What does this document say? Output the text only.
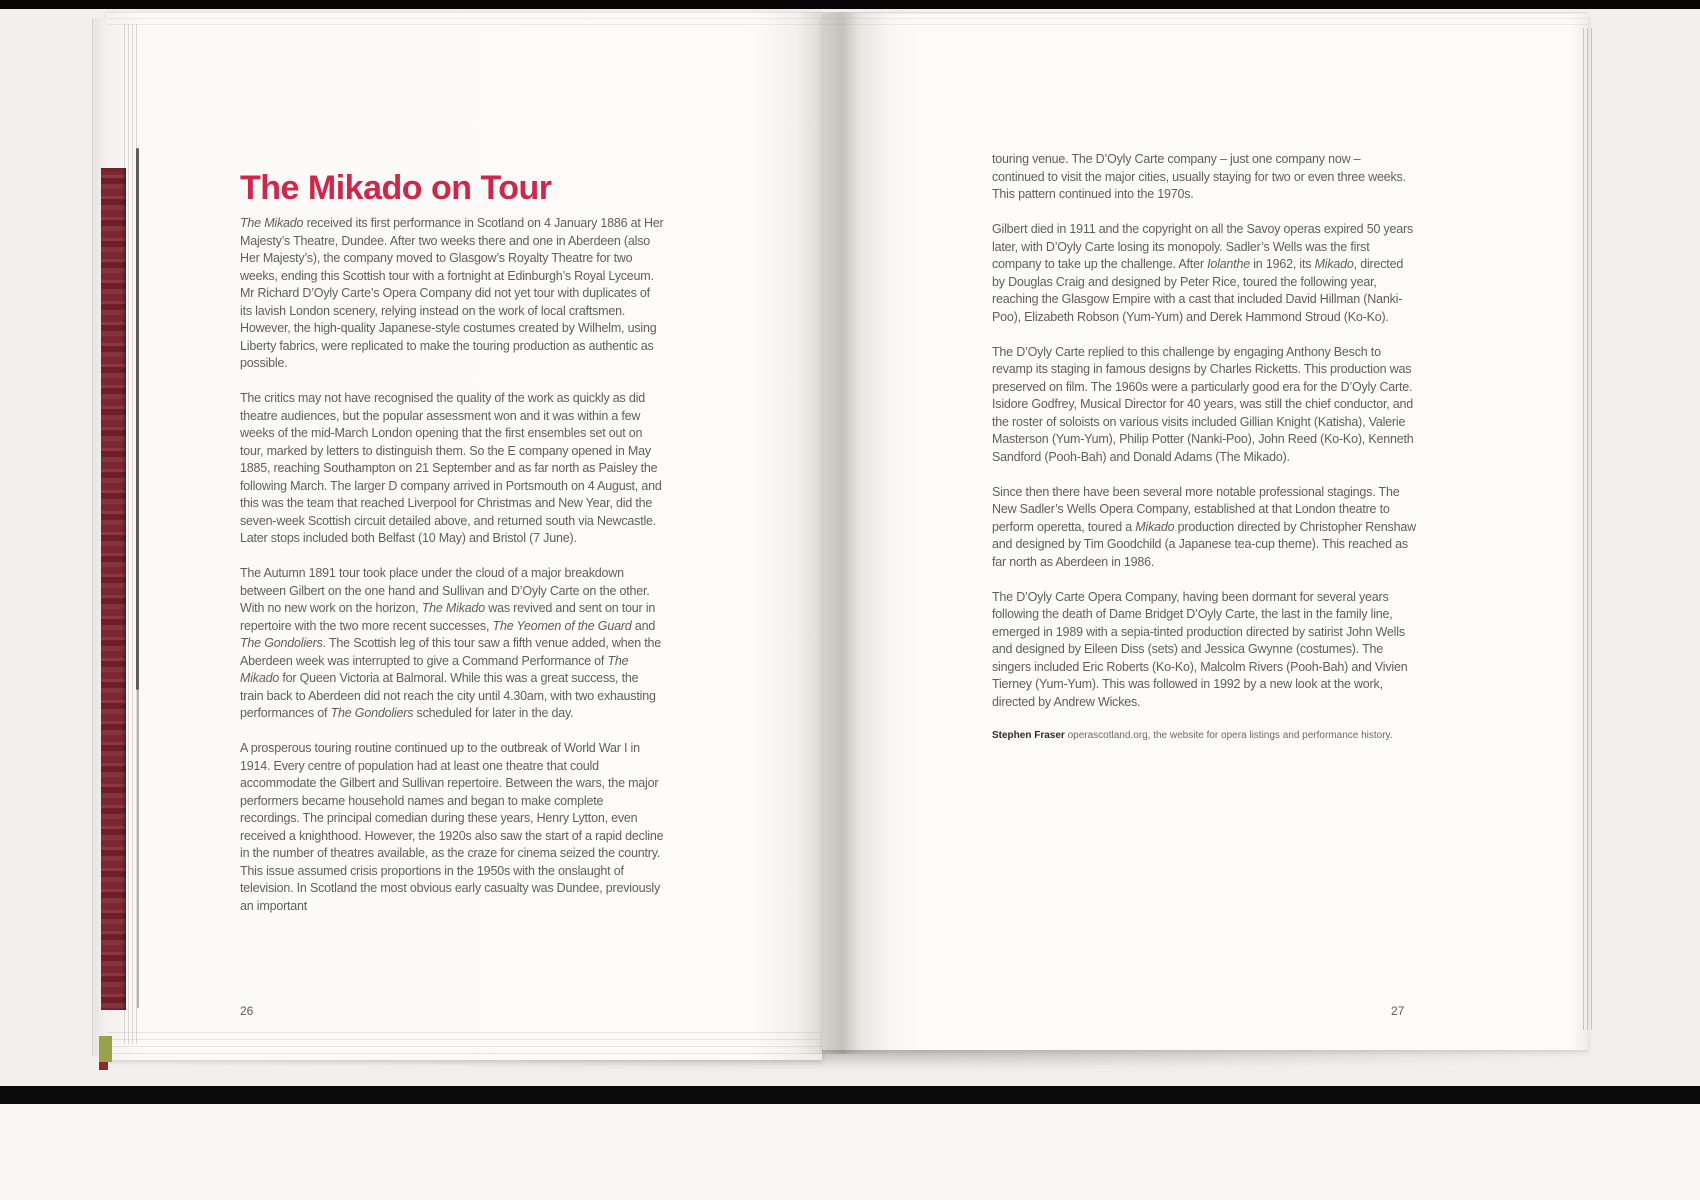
The Mikado on Tour

The Mikado received its first performance in Scotland on 4 January 1886 at Her Majesty’s Theatre, Dundee. After two weeks there and one in Aberdeen (also Her Majesty’s), the company moved to Glasgow’s Royalty Theatre for two weeks, ending this Scottish tour with a fortnight at Edinburgh’s Royal Lyceum. Mr Richard D’Oyly Carte’s Opera Company did not yet tour with duplicates of its lavish London scenery, relying instead on the work of local craftsmen. However, the high-quality Japanese-style costumes created by Wilhelm, using Liberty fabrics, were replicated to make the touring production as authentic as possible.

The critics may not have recognised the quality of the work as quickly as did theatre audiences, but the popular assessment won and it was within a few weeks of the mid-March London opening that the first ensembles set out on tour, marked by letters to distinguish them. So the E company opened in May 1885, reaching Southampton on 21 September and as far north as Paisley the following March. The larger D company arrived in Portsmouth on 4 August, and this was the team that reached Liverpool for Christmas and New Year, did the seven-week Scottish circuit detailed above, and returned south via Newcastle. Later stops included both Belfast (10 May) and Bristol (7 June).

The Autumn 1891 tour took place under the cloud of a major breakdown between Gilbert on the one hand and Sullivan and D’Oyly Carte on the other. With no new work on the horizon, The Mikado was revived and sent on tour in repertoire with the two more recent successes, The Yeomen of the Guard and The Gondoliers. The Scottish leg of this tour saw a fifth venue added, when the Aberdeen week was interrupted to give a Command Performance of The Mikado for Queen Victoria at Balmoral. While this was a great success, the train back to Aberdeen did not reach the city until 4.30am, with two exhausting performances of The Gondoliers scheduled for later in the day.

A prosperous touring routine continued up to the outbreak of World War I in 1914. Every centre of population had at least one theatre that could accommodate the Gilbert and Sullivan repertoire. Between the wars, the major performers became household names and began to make complete recordings. The principal comedian during these years, Henry Lytton, even received a knighthood. However, the 1920s also saw the start of a rapid decline in the number of theatres available, as the craze for cinema seized the country. This issue assumed crisis proportions in the 1950s with the onslaught of television. In Scotland the most obvious early casualty was Dundee, previously an important

touring venue. The D’Oyly Carte company – just one company now – continued to visit the major cities, usually staying for two or even three weeks. This pattern continued into the 1970s.

Gilbert died in 1911 and the copyright on all the Savoy operas expired 50 years later, with D’Oyly Carte losing its monopoly. Sadler’s Wells was the first company to take up the challenge. After Iolanthe in 1962, its Mikado, directed by Douglas Craig and designed by Peter Rice, toured the following year, reaching the Glasgow Empire with a cast that included David Hillman (Nanki-Poo), Elizabeth Robson (Yum-Yum) and Derek Hammond Stroud (Ko-Ko).

The D’Oyly Carte replied to this challenge by engaging Anthony Besch to revamp its staging in famous designs by Charles Ricketts. This production was preserved on film. The 1960s were a particularly good era for the D’Oyly Carte. Isidore Godfrey, Musical Director for 40 years, was still the chief conductor, and the roster of soloists on various visits included Gillian Knight (Katisha), Valerie Masterson (Yum-Yum), Philip Potter (Nanki-Poo), John Reed (Ko-Ko), Kenneth Sandford (Pooh-Bah) and Donald Adams (The Mikado).

Since then there have been several more notable professional stagings. The New Sadler’s Wells Opera Company, established at that London theatre to perform operetta, toured a Mikado production directed by Christopher Renshaw and designed by Tim Goodchild (a Japanese tea-cup theme). This reached as far north as Aberdeen in 1986.

The D’Oyly Carte Opera Company, having been dormant for several years following the death of Dame Bridget D’Oyly Carte, the last in the family line, emerged in 1989 with a sepia-tinted production directed by satirist John Wells and designed by Eileen Diss (sets) and Jessica Gwynne (costumes). The singers included Eric Roberts (Ko-Ko), Malcolm Rivers (Pooh-Bah) and Vivien Tierney (Yum-Yum). This was followed in 1992 by a new look at the work, directed by Andrew Wickes.

Stephen Fraser operascotland.org, the website for opera listings and performance history.

26	27
